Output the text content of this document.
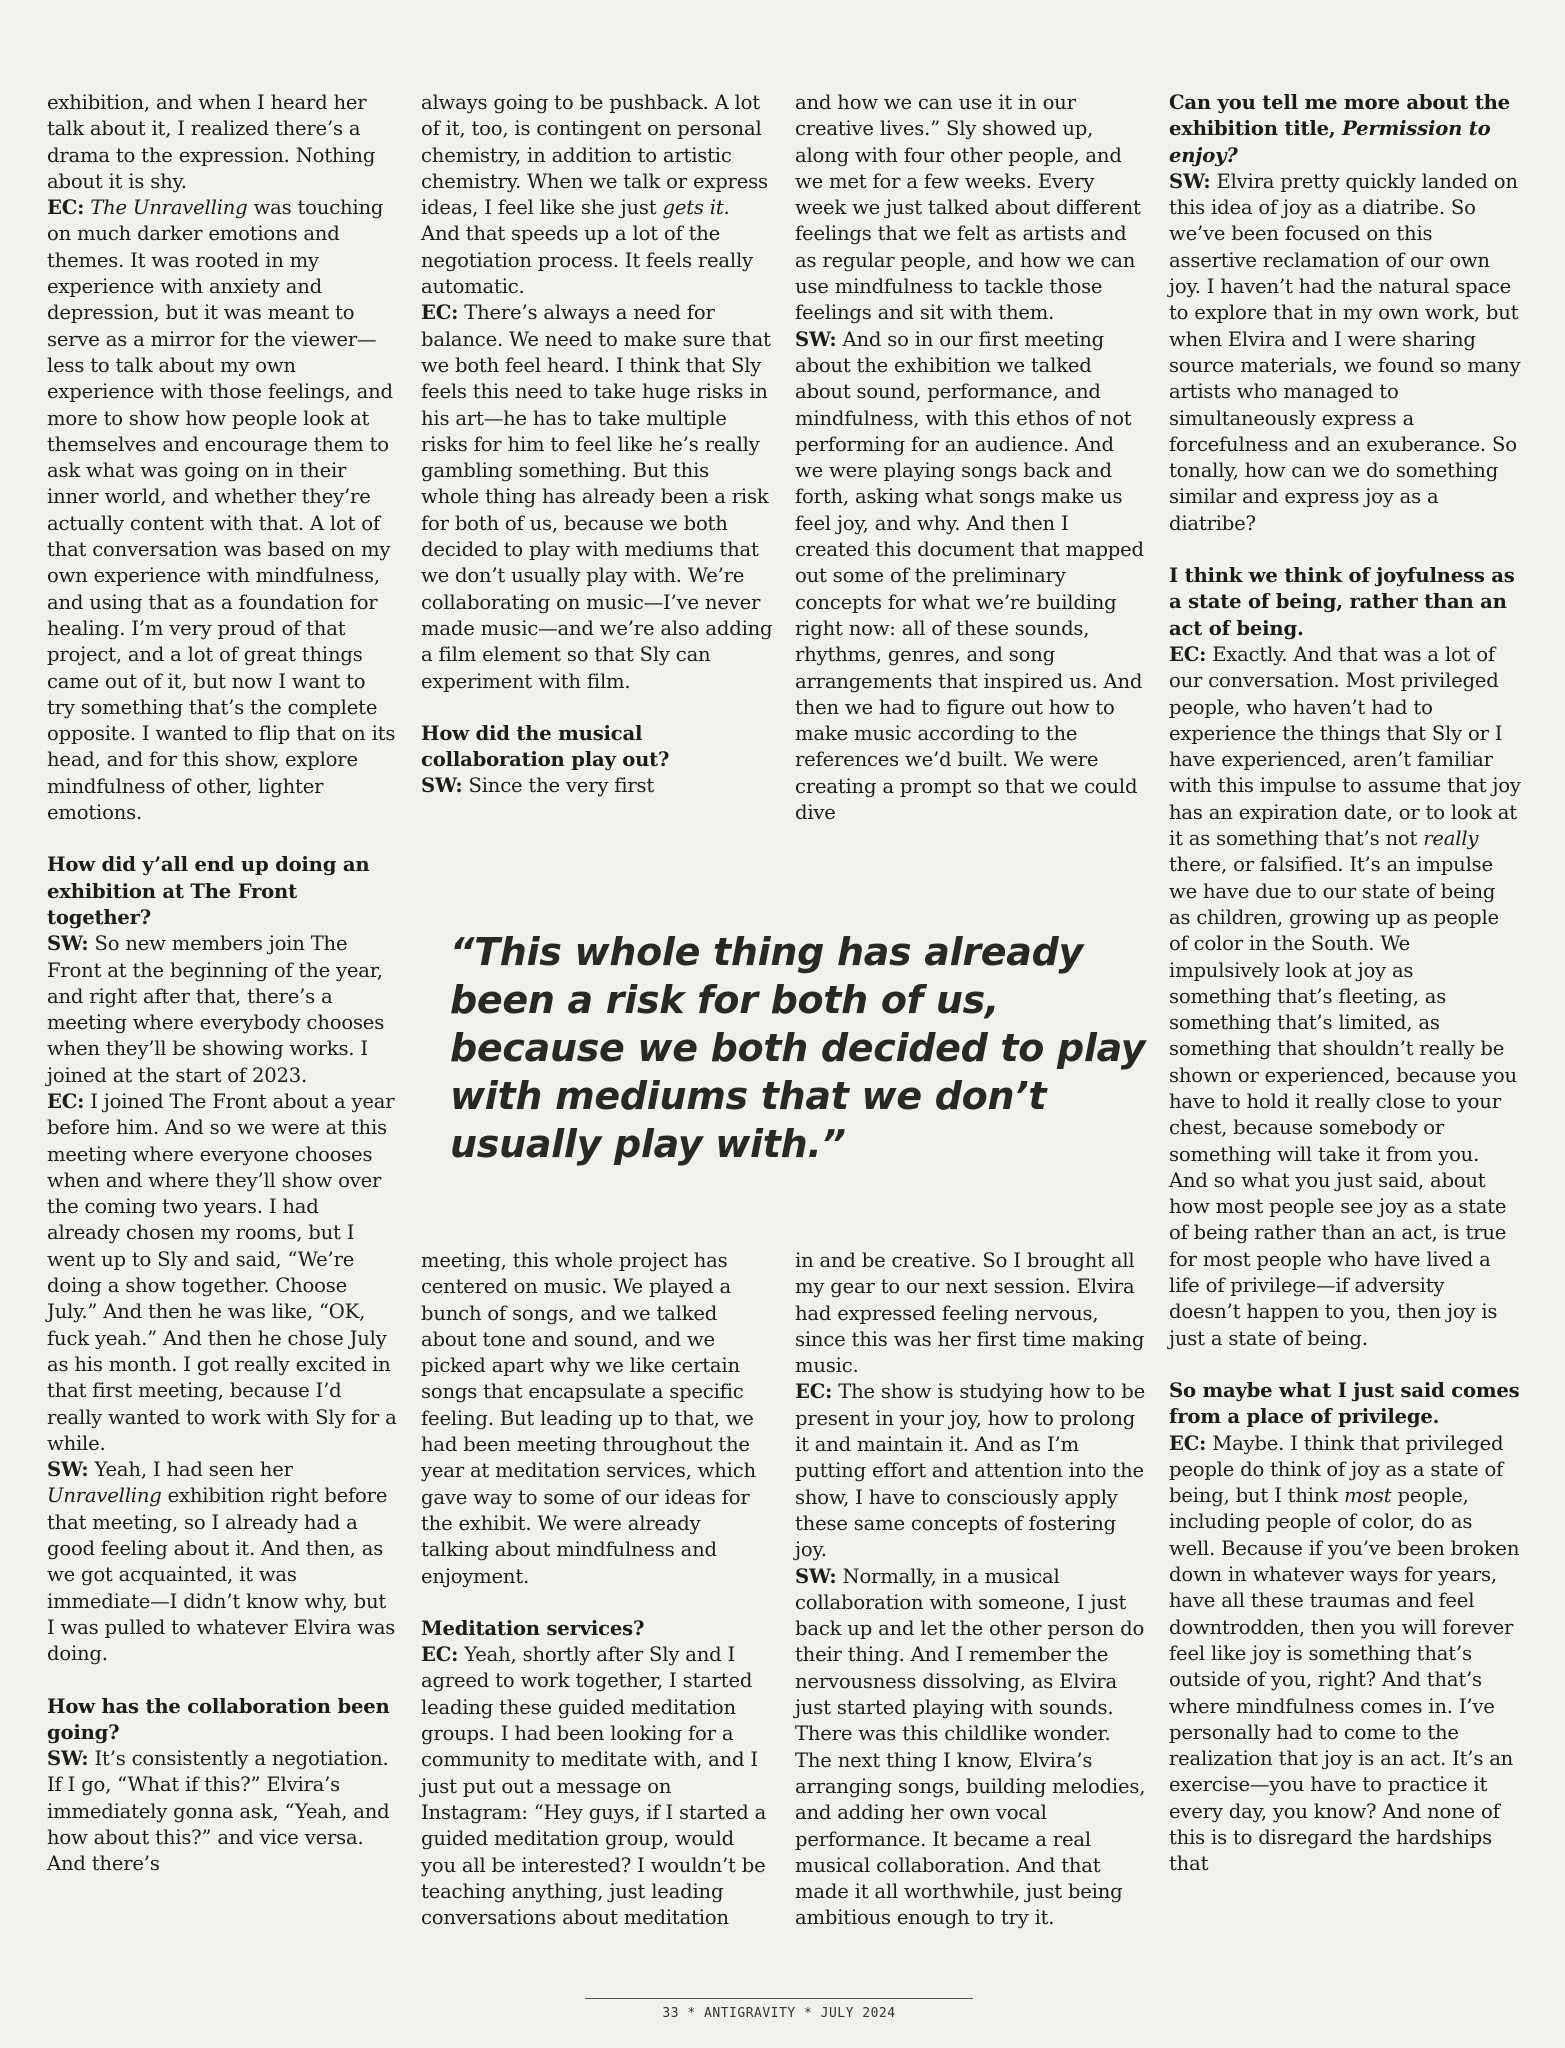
exhibition, and when I heard her talk about it, I realized there’s a drama to the expression. Nothing about it is shy.

EC: The Unravelling was touching on much darker emotions and themes. It was rooted in my experience with anxiety and depression, but it was meant to serve as a mirror for the viewer—less to talk about my own experience with those feelings, and more to show how people look at themselves and encourage them to ask what was going on in their inner world, and whether they’re actually content with that. A lot of that conversation was based on my own experience with mindfulness, and using that as a foundation for healing. I’m very proud of that project, and a lot of great things came out of it, but now I want to try something that’s the complete opposite. I wanted to flip that on its head, and for this show, explore mindfulness of other, lighter emotions.

How did y’all end up doing an exhibition at The Front together?

SW: So new members join The Front at the beginning of the year, and right after that, there’s a meeting where everybody chooses when they’ll be showing works. I joined at the start of 2023.

EC: I joined The Front about a year before him. And so we were at this meeting where everyone chooses when and where they’ll show over the coming two years. I had already chosen my rooms, but I went up to Sly and said, “We’re doing a show together. Choose July.” And then he was like, “OK, fuck yeah.” And then he chose July as his month. I got really excited in that first meeting, because I’d really wanted to work with Sly for a while.

SW: Yeah, I had seen her Unravelling exhibition right before that meeting, so I already had a good feeling about it. And then, as we got acquainted, it was immediate—I didn’t know why, but I was pulled to whatever Elvira was doing.

How has the collaboration been going?

SW: It’s consistently a negotiation. If I go, “What if this?” Elvira’s immediately gonna ask, “Yeah, and how about this?” and vice versa. And there’s

always going to be pushback. A lot of it, too, is contingent on personal chemistry, in addition to artistic chemistry. When we talk or express ideas, I feel like she just gets it. And that speeds up a lot of the negotiation process. It feels really automatic.

EC: There’s always a need for balance. We need to make sure that we both feel heard. I think that Sly feels this need to take huge risks in his art—he has to take multiple risks for him to feel like he’s really gambling something. But this whole thing has already been a risk for both of us, because we both decided to play with mediums that we don’t usually play with. We’re collaborating on music—I’ve never made music—and we’re also adding a film element so that Sly can experiment with film.

How did the musical collaboration play out?

SW: Since the very first

and how we can use it in our creative lives.” Sly showed up, along with four other people, and we met for a few weeks. Every week we just talked about different feelings that we felt as artists and as regular people, and how we can use mindfulness to tackle those feelings and sit with them.

SW: And so in our first meeting about the exhibition we talked about sound, performance, and mindfulness, with this ethos of not performing for an audience. And we were playing songs back and forth, asking what songs make us feel joy, and why. And then I created this document that mapped out some of the preliminary concepts for what we’re building right now: all of these sounds, rhythms, genres, and song arrangements that inspired us. And then we had to figure out how to make music according to the references we’d built. We were creating a prompt so that we could dive

Can you tell me more about the exhibition title, Permission to enjoy?

SW: Elvira pretty quickly landed on this idea of joy as a diatribe. So we’ve been focused on this assertive reclamation of our own joy. I haven’t had the natural space to explore that in my own work, but when Elvira and I were sharing source materials, we found so many artists who managed to simultaneously express a forcefulness and an exuberance. So tonally, how can we do something similar and express joy as a diatribe?

I think we think of joyfulness as a state of being, rather than an act of being.

EC: Exactly. And that was a lot of our conversation. Most privileged people, who haven’t had to experience the things that Sly or I have experienced, aren’t familiar with this impulse to assume that joy has an expiration date, or to look at it as something that’s not really there, or falsified. It’s an impulse we have due to our state of being as children, growing up as people of color in the South. We impulsively look at joy as something that’s fleeting, as something that’s limited, as something that shouldn’t really be shown or experienced, because you have to hold it really close to your chest, because somebody or something will take it from you. And so what you just said, about how most people see joy as a state of being rather than an act, is true for most people who have lived a life of privilege—if adversity doesn’t happen to you, then joy is just a state of being.

So maybe what I just said comes from a place of privilege.

EC: Maybe. I think that privileged people do think of joy as a state of being, but I think most people, including people of color, do as well. Because if you’ve been broken down in whatever ways for years, have all these traumas and feel downtrodden, then you will forever feel like joy is something that’s outside of you, right? And that’s where mindfulness comes in. I’ve personally had to come to the realization that joy is an act. It’s an exercise—you have to practice it every day, you know? And none of this is to disregard the hardships that

“This whole thing has already been a risk for both of us, because we both decided to play with mediums that we don’t usually play with.”

meeting, this whole project has centered on music. We played a bunch of songs, and we talked about tone and sound, and we picked apart why we like certain songs that encapsulate a specific feeling. But leading up to that, we had been meeting throughout the year at meditation services, which gave way to some of our ideas for the exhibit. We were already talking about mindfulness and enjoyment.

Meditation services?

EC: Yeah, shortly after Sly and I agreed to work together, I started leading these guided meditation groups. I had been looking for a community to meditate with, and I just put out a message on Instagram: “Hey guys, if I started a guided meditation group, would you all be interested? I wouldn’t be teaching anything, just leading conversations about meditation

in and be creative. So I brought all my gear to our next session. Elvira had expressed feeling nervous, since this was her first time making music.

EC: The show is studying how to be present in your joy, how to prolong it and maintain it. And as I’m putting effort and attention into the show, I have to consciously apply these same concepts of fostering joy.

SW: Normally, in a musical collaboration with someone, I just back up and let the other person do their thing. And I remember the nervousness dissolving, as Elvira just started playing with sounds. There was this childlike wonder. The next thing I know, Elvira’s arranging songs, building melodies, and adding her own vocal performance. It became a real musical collaboration. And that made it all worthwhile, just being ambitious enough to try it.

33 * ANTIGRAVITY * JULY 2024
